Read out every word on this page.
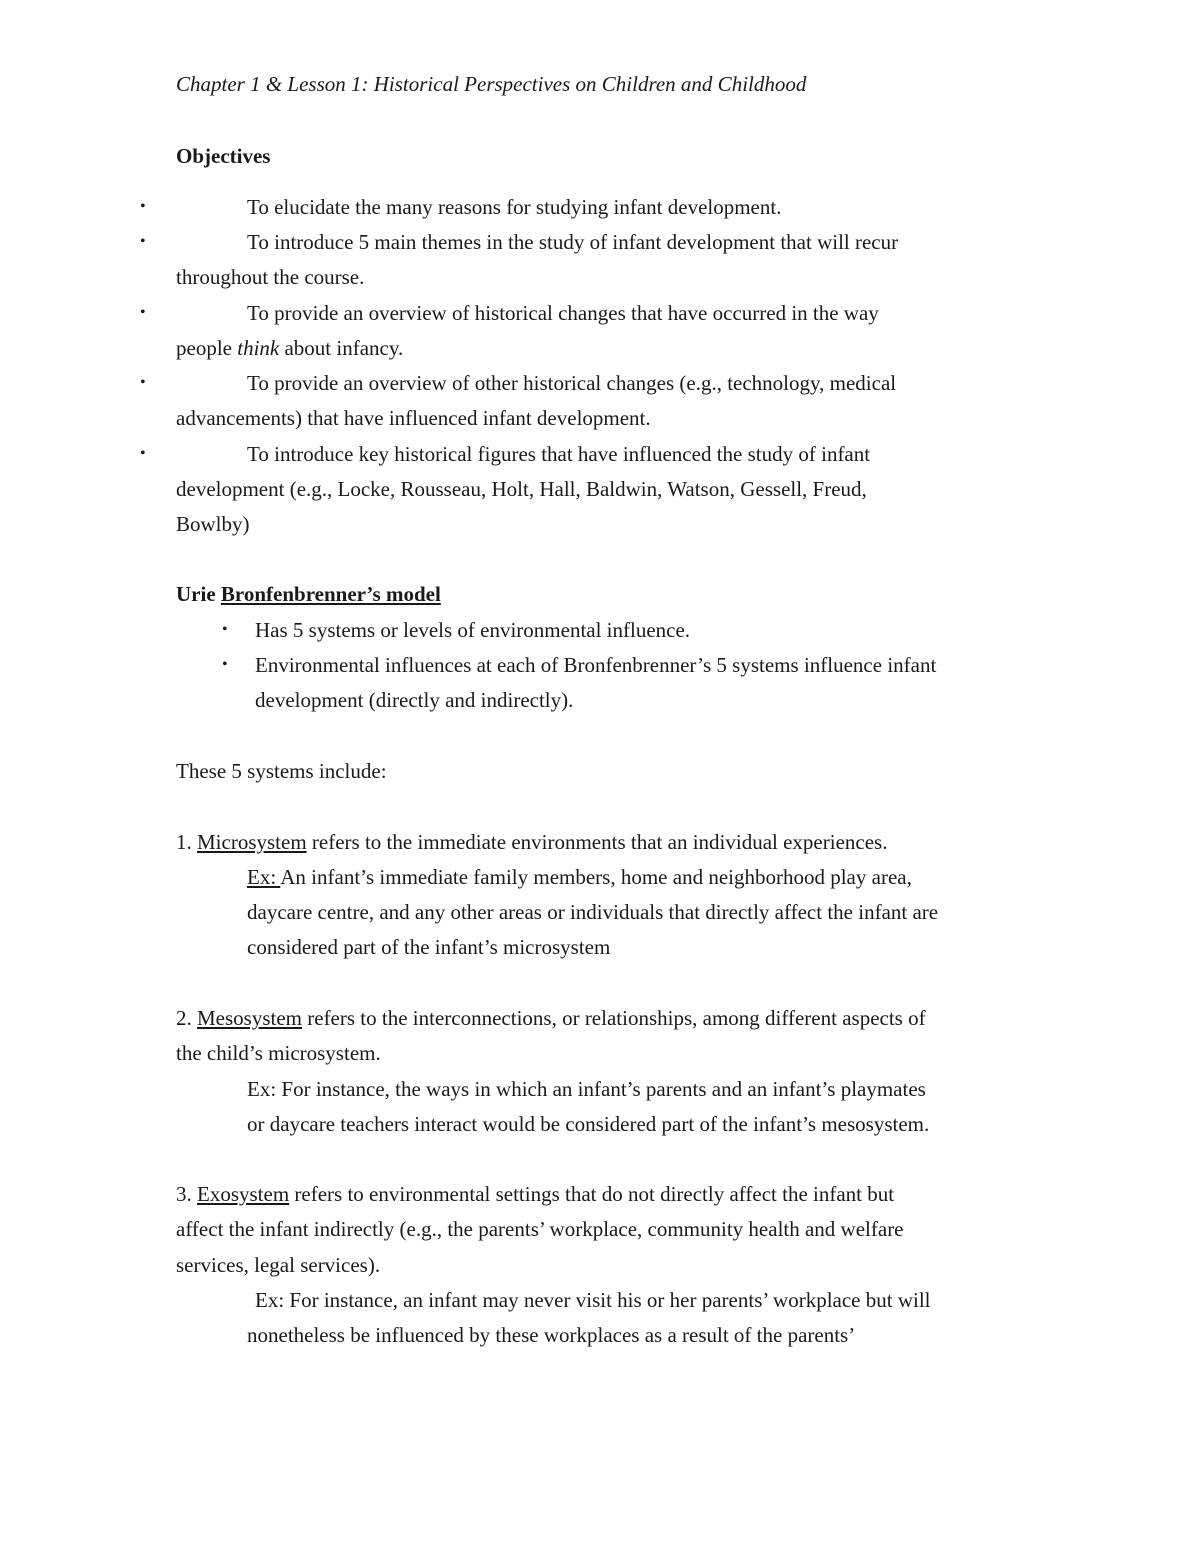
Chapter 1 & Lesson 1: Historical Perspectives on Children and Childhood
Objectives
•	To elucidate the many reasons for studying infant development.
•	To introduce 5 main themes in the study of infant development that will recur
throughout the course.
•	To provide an overview of historical changes that have occurred in the way
people think about infancy.
•	To provide an overview of other historical changes (e.g., technology, medical
advancements) that have influenced infant development.
•	To introduce key historical figures that have influenced the study of infant
development (e.g., Locke, Rousseau, Holt, Hall, Baldwin, Watson, Gessell, Freud,
Bowlby)
Urie Bronfenbrenner’s model
• Has 5 systems or levels of environmental influence.
• Environmental influences at each of Bronfenbrenner’s 5 systems influence infant
development (directly and indirectly).
These 5 systems include:
1. Microsystem refers to the immediate environments that an individual experiences.
Ex: An infant’s immediate family members, home and neighborhood play area,
daycare centre, and any other areas or individuals that directly affect the infant are
considered part of the infant’s microsystem
2. Mesosystem refers to the interconnections, or relationships, among different aspects of
the child’s microsystem.
Ex: For instance, the ways in which an infant’s parents and an infant’s playmates
or daycare teachers interact would be considered part of the infant’s mesosystem.
3. Exosystem refers to environmental settings that do not directly affect the infant but
affect the infant indirectly (e.g., the parents’ workplace, community health and welfare
services, legal services).
Ex: For instance, an infant may never visit his or her parents’ workplace but will
nonetheless be influenced by these workplaces as a result of the parents’
